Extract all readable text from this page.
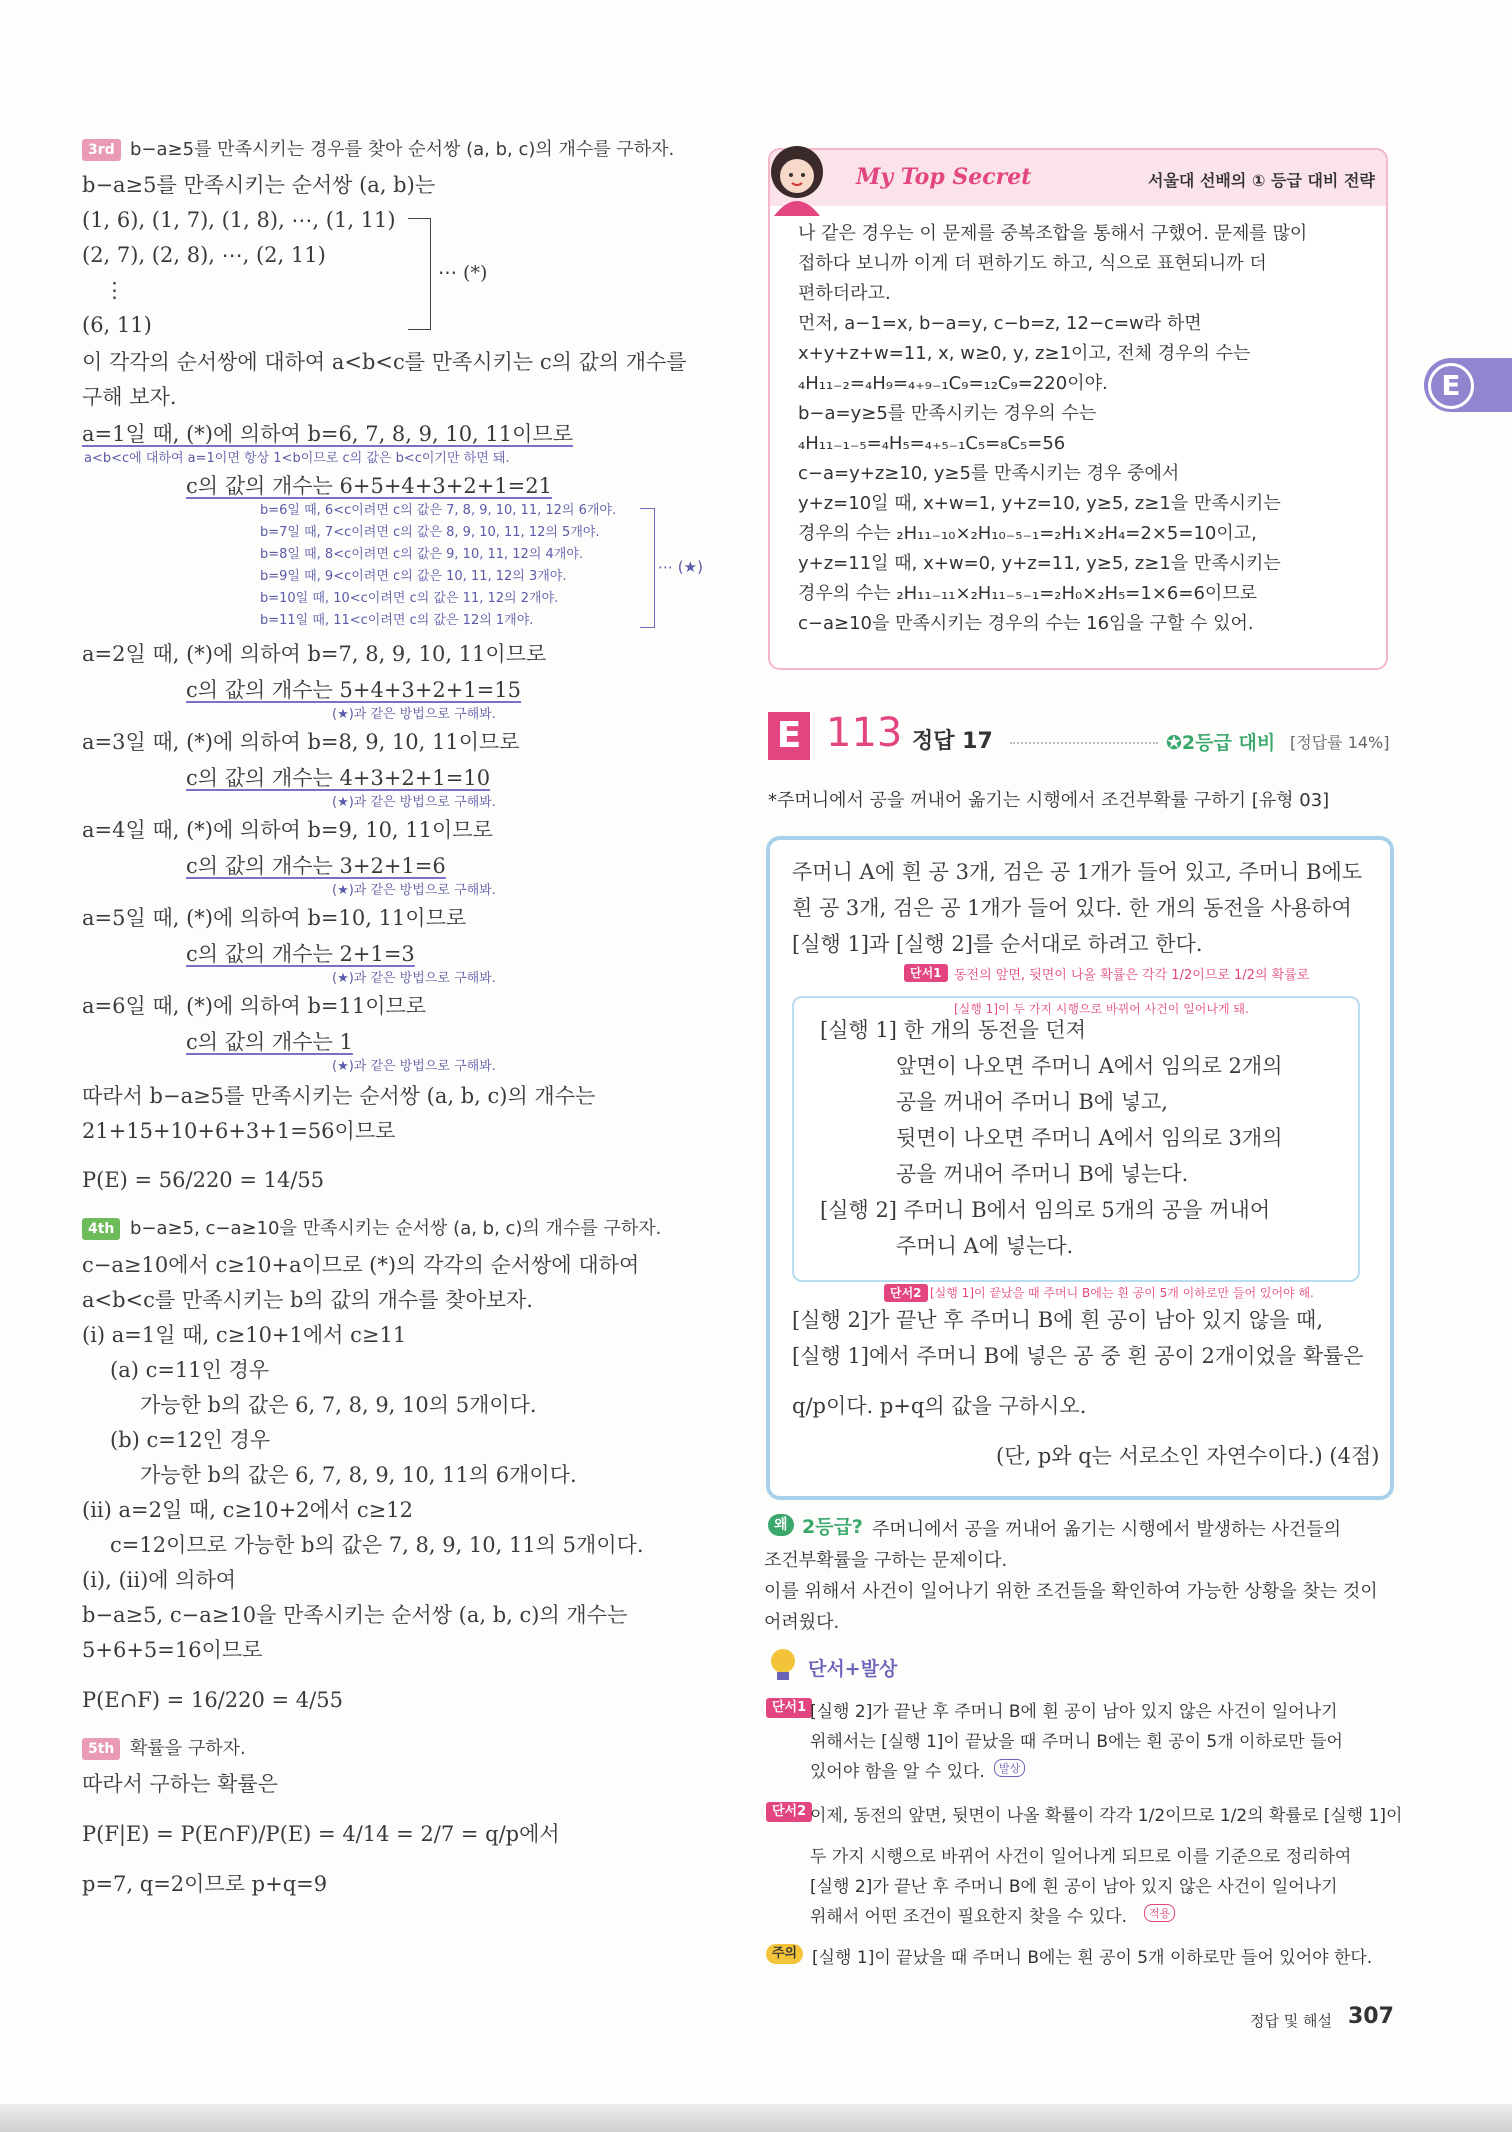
3rd b−a≥5를 만족시키는 경우를 찾아 순서쌍 (a, b, c)의 개수를 구하자.
b−a≥5를 만족시키는 순서쌍 (a, b)는
(1, 6), (1, 7), (1, 8), ⋯, (1, 11)
(2, 7), (2, 8), ⋯, (2, 11)
⋮
(6, 11)
⋯ (*)
이 각각의 순서쌍에 대하여 a<b<c를 만족시키는 c의 값의 개수를
구해 보자.
a=1일 때, (*)에 의하여 b=6, 7, 8, 9, 10, 11이므로
a<b<c에 대하여 a=1이면 항상 1<b이므로 c의 값은 b<c이기만 하면 돼.
c의 값의 개수는 6+5+4+3+2+1=21
b=6일 때, 6<c이려면 c의 값은 7, 8, 9, 10, 11, 12의 6개야.
b=7일 때, 7<c이려면 c의 값은 8, 9, 10, 11, 12의 5개야.
b=8일 때, 8<c이려면 c의 값은 9, 10, 11, 12의 4개야.
b=9일 때, 9<c이려면 c의 값은 10, 11, 12의 3개야.
b=10일 때, 10<c이려면 c의 값은 11, 12의 2개야.
b=11일 때, 11<c이려면 c의 값은 12의 1개야.
⋯ (★)
a=2일 때, (*)에 의하여 b=7, 8, 9, 10, 11이므로
c의 값의 개수는 5+4+3+2+1=15
(★)과 같은 방법으로 구해봐.
a=3일 때, (*)에 의하여 b=8, 9, 10, 11이므로
c의 값의 개수는 4+3+2+1=10
(★)과 같은 방법으로 구해봐.
a=4일 때, (*)에 의하여 b=9, 10, 11이므로
c의 값의 개수는 3+2+1=6
(★)과 같은 방법으로 구해봐.
a=5일 때, (*)에 의하여 b=10, 11이므로
c의 값의 개수는 2+1=3
(★)과 같은 방법으로 구해봐.
a=6일 때, (*)에 의하여 b=11이므로
c의 값의 개수는 1
(★)과 같은 방법으로 구해봐.
따라서 b−a≥5를 만족시키는 순서쌍 (a, b, c)의 개수는
21+15+10+6+3+1=56이므로
P(E) = 56/220 = 14/55
4th b−a≥5, c−a≥10을 만족시키는 순서쌍 (a, b, c)의 개수를 구하자.
c−a≥10에서 c≥10+a이므로 (*)의 각각의 순서쌍에 대하여
a<b<c를 만족시키는 b의 값의 개수를 찾아보자.
(i) a=1일 때, c≥10+1에서 c≥11
(a) c=11인 경우
가능한 b의 값은 6, 7, 8, 9, 10의 5개이다.
(b) c=12인 경우
가능한 b의 값은 6, 7, 8, 9, 10, 11의 6개이다.
(ii) a=2일 때, c≥10+2에서 c≥12
c=12이므로 가능한 b의 값은 7, 8, 9, 10, 11의 5개이다.
(i), (ii)에 의하여
b−a≥5, c−a≥10을 만족시키는 순서쌍 (a, b, c)의 개수는
5+6+5=16이므로
P(E∩F) = 16/220 = 4/55
5th 확률을 구하자.
따라서 구하는 확률은
P(F|E) = P(E∩F)/P(E) = 4/14 = 2/7 = q/p에서
p=7, q=2이므로 p+q=9
My Top Secret	서울대 선배의 ① 등급 대비 전략
나 같은 경우는 이 문제를 중복조합을 통해서 구했어. 문제를 많이
접하다 보니까 이게 더 편하기도 하고, 식으로 표현되니까 더
편하더라고.
먼저, a−1=x, b−a=y, c−b=z, 12−c=w라 하면
x+y+z+w=11, x, w≥0, y, z≥1이고, 전체 경우의 수는
₄H₁₁₋₂=₄H₉=₄₊₉₋₁C₉=₁₂C₉=220이야.
b−a=y≥5를 만족시키는 경우의 수는
₄H₁₁₋₁₋₅=₄H₅=₄₊₅₋₁C₅=₈C₅=56
c−a=y+z≥10, y≥5를 만족시키는 경우 중에서
y+z=10일 때, x+w=1, y+z=10, y≥5, z≥1을 만족시키는
경우의 수는 ₂H₁₁₋₁₀×₂H₁₀₋₅₋₁=₂H₁×₂H₄=2×5=10이고,
y+z=11일 때, x+w=0, y+z=11, y≥5, z≥1을 만족시키는
경우의 수는 ₂H₁₁₋₁₁×₂H₁₁₋₅₋₁=₂H₀×₂H₅=1×6=6이므로
c−a≥10을 만족시키는 경우의 수는 16임을 구할 수 있어.
E
E 113 정답 17	✪2등급 대비 [정답률 14%]
*주머니에서 공을 꺼내어 옮기는 시행에서 조건부확률 구하기 [유형 03]
주머니 A에 흰 공 3개, 검은 공 1개가 들어 있고, 주머니 B에도
흰 공 3개, 검은 공 1개가 들어 있다. 한 개의 동전을 사용하여
[실행 1]과 [실행 2]를 순서대로 하려고 한다.
단서1 동전의 앞면, 뒷면이 나올 확률은 각각 1/2이므로 1/2의 확률로
[실행 1]이 두 가지 시행으로 바뀌어 사건이 일어나게 돼.
[실행 1] 한 개의 동전을 던져
앞면이 나오면 주머니 A에서 임의로 2개의
공을 꺼내어 주머니 B에 넣고,
뒷면이 나오면 주머니 A에서 임의로 3개의
공을 꺼내어 주머니 B에 넣는다.
[실행 2] 주머니 B에서 임의로 5개의 공을 꺼내어
주머니 A에 넣는다.
단서2 [실행 1]이 끝났을 때 주머니 B에는 흰 공이 5개 이하로만 들어 있어야 해.
[실행 2]가 끝난 후 주머니 B에 흰 공이 남아 있지 않을 때,
[실행 1]에서 주머니 B에 넣은 공 중 흰 공이 2개이었을 확률은
q/p이다. p+q의 값을 구하시오.
(단, p와 q는 서로소인 자연수이다.) (4점)
왜 2등급? 주머니에서 공을 꺼내어 옮기는 시행에서 발생하는 사건들의
조건부확률을 구하는 문제이다.
이를 위해서 사건이 일어나기 위한 조건들을 확인하여 가능한 상황을 찾는 것이
어려웠다.
단서+발상
단서1 [실행 2]가 끝난 후 주머니 B에 흰 공이 남아 있지 않은 사건이 일어나기
위해서는 [실행 1]이 끝났을 때 주머니 B에는 흰 공이 5개 이하로만 들어
있어야 함을 알 수 있다.	발상
단서2 이제, 동전의 앞면, 뒷면이 나올 확률이 각각 1/2이므로 1/2의 확률로 [실행 1]이
두 가지 시행으로 바뀌어 사건이 일어나게 되므로 이를 기준으로 정리하여
[실행 2]가 끝난 후 주머니 B에 흰 공이 남아 있지 않은 사건이 일어나기
위해서 어떤 조건이 필요한지 찾을 수 있다.	적용
주의 [실행 1]이 끝났을 때 주머니 B에는 흰 공이 5개 이하로만 들어 있어야 한다.
정답 및 해설 307
